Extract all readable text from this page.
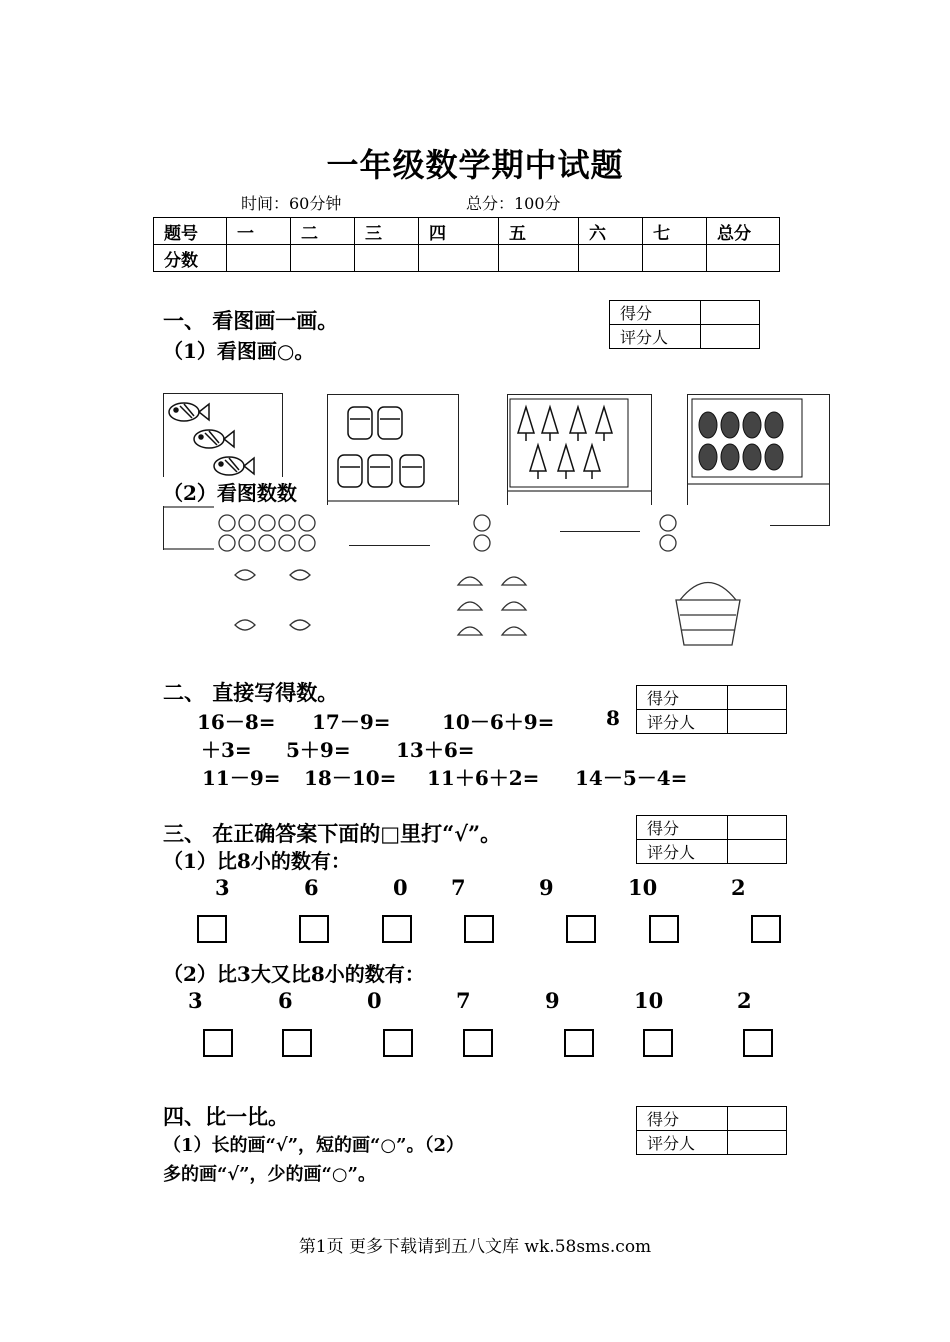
一年级数学期中试题
时间：60分钟	总分：100分
题号	一	二	三	四	五	六	七	总分
分数								
一、 看图画一画。
（1）看图画○。
得分	
评分人	
（2）看图数数
二、 直接写得数。	得分	
评分人	
16－8= 17－9=	10－6＋9=	8
＋3= 5＋9= 13＋6=
11－9= 18－10= 11＋6＋2= 14－5－4=
三、 在正确答案下面的□里打“√”。	得分	
评分人	
（1）比8小的数有：
3	6	0 7	9	10	2
（2）比3大又比8小的数有：
3	6	0	7	9	10	2
四、比一比。	得分	
评分人	
（1）长的画“√”，短的画“○”。（2）
多的画“√”，少的画“○”。
第1页 更多下载请到五八文库 wk.58sms.com
